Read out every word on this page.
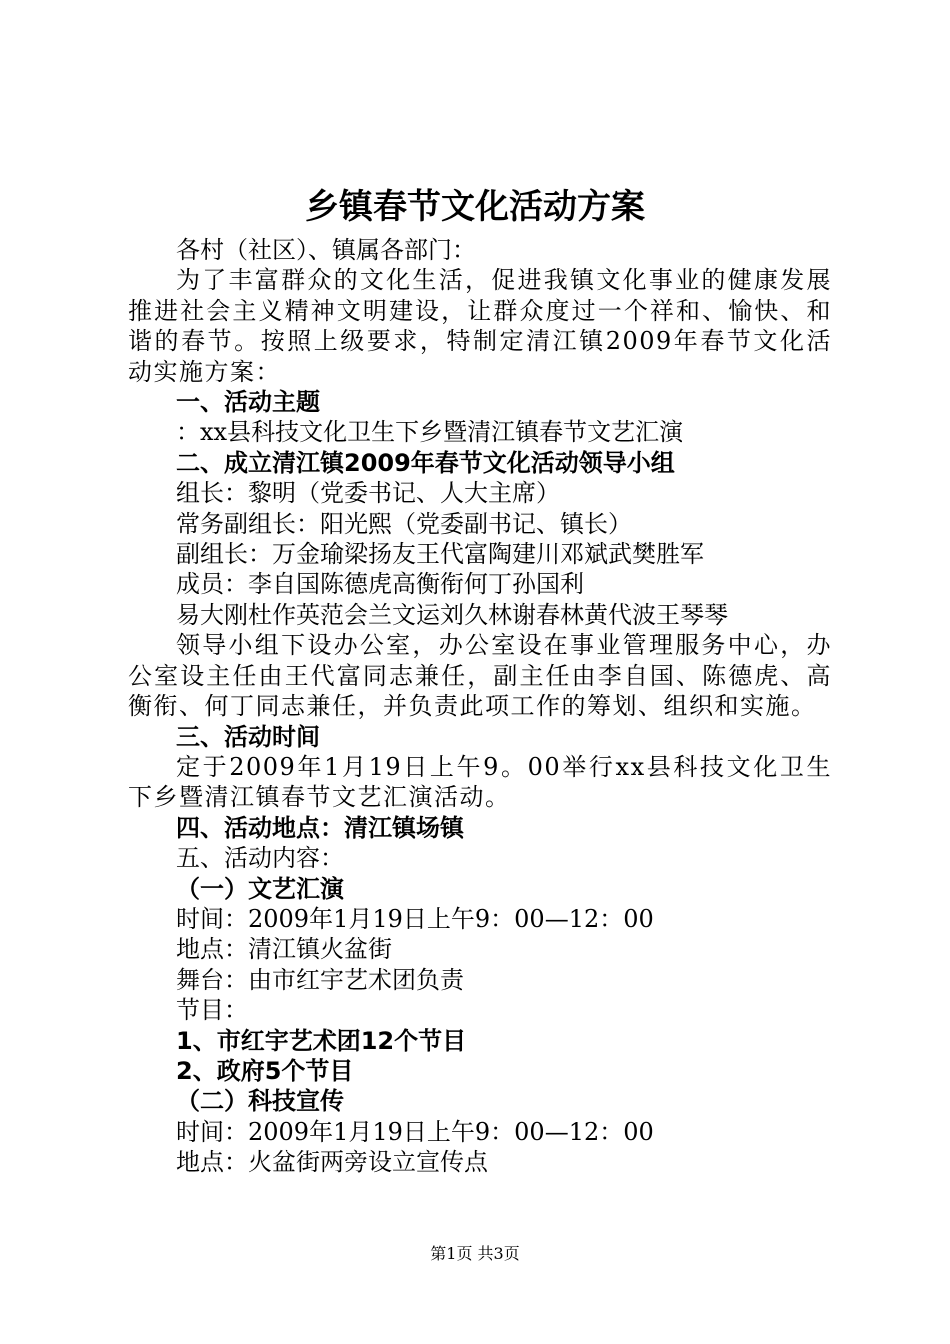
乡镇春节文化活动方案

各村（社区）、镇属各部门：

为了丰富群众的文化生活，促进我镇文化事业的健康发展推进社会主义精神文明建设，让群众度过一个祥和、愉快、和谐的春节。按照上级要求，特制定清江镇2009年春节文化活动实施方案：

一、活动主题

：xx县科技文化卫生下乡暨清江镇春节文艺汇演

二、成立清江镇2009年春节文化活动领导小组

组长：黎明（党委书记、人大主席）

常务副组长：阳光熙（党委副书记、镇长）

副组长：万金瑜梁扬友王代富陶建川邓斌武樊胜军

成员：李自国陈德虎高衡衔何丁孙国利

易大刚杜作英范会兰文运刘久林谢春林黄代波王琴琴

领导小组下设办公室，办公室设在事业管理服务中心，办公室设主任由王代富同志兼任，副主任由李自国、陈德虎、高衡衔、何丁同志兼任，并负责此项工作的筹划、组织和实施。

三、活动时间

定于2009年1月19日上午9。00举行xx县科技文化卫生下乡暨清江镇春节文艺汇演活动。

四、活动地点：清江镇场镇

五、活动内容：

（一）文艺汇演

时间：2009年1月19日上午9：00—12：00

地点：清江镇火盆街

舞台：由市红宇艺术团负责

节目：

1、市红宇艺术团12个节目

2、政府5个节目

（二）科技宣传

时间：2009年1月19日上午9：00—12：00

地点：火盆街两旁设立宣传点

第1页 共3页
